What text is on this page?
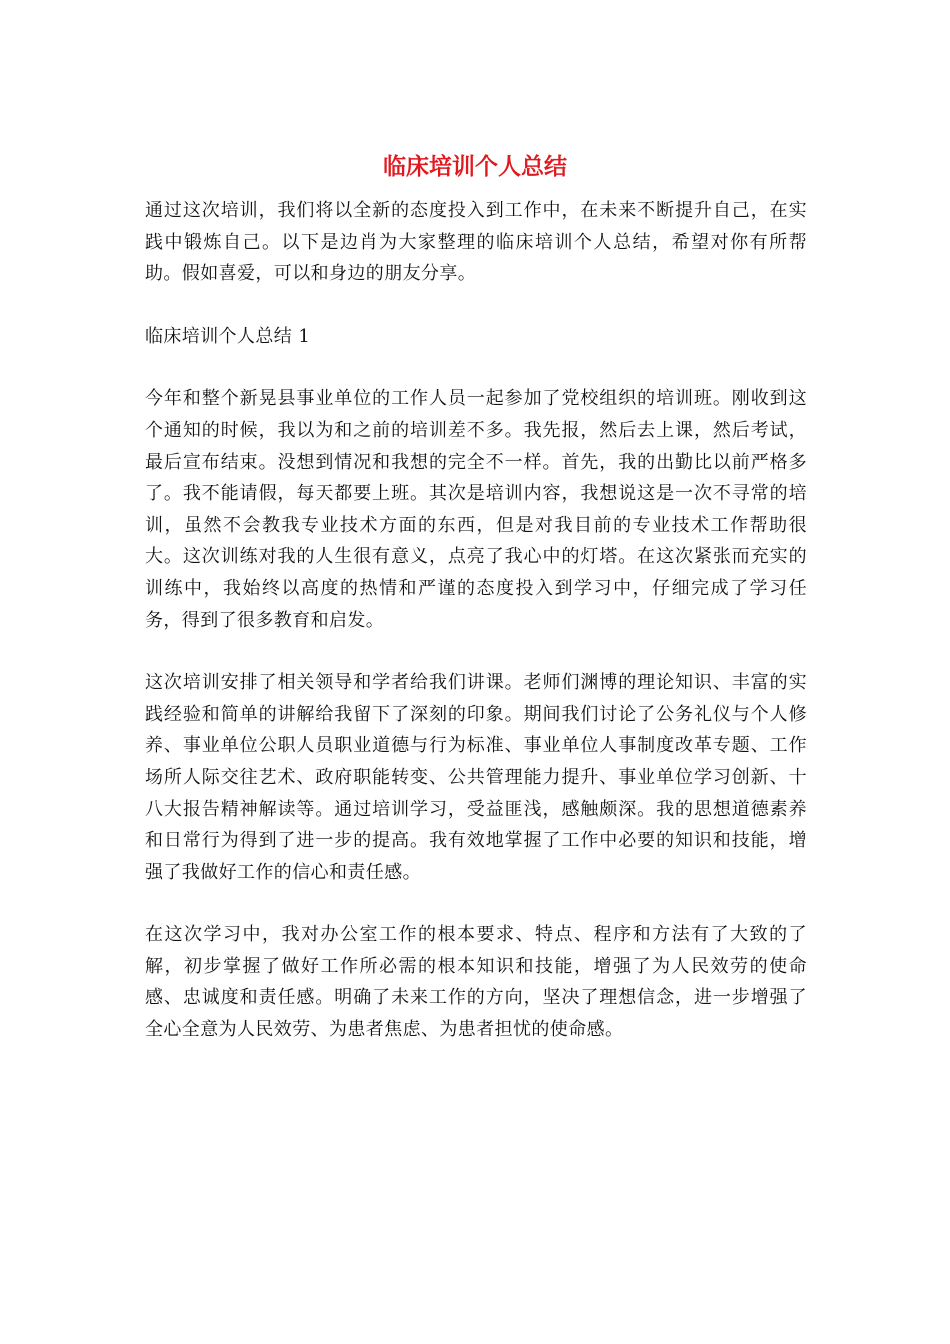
临床培训个人总结

通过这次培训，我们将以全新的态度投入到工作中，在未来不断提升自己，在实践中锻炼自己。以下是边肖为大家整理的临床培训个人总结，希望对你有所帮助。假如喜爱，可以和身边的朋友分享。

临床培训个人总结 1

今年和整个新晃县事业单位的工作人员一起参加了党校组织的培训班。刚收到这个通知的时候，我以为和之前的培训差不多。我先报，然后去上课，然后考试，最后宣布结束。没想到情况和我想的完全不一样。首先，我的出勤比以前严格多了。我不能请假，每天都要上班。其次是培训内容，我想说这是一次不寻常的培训，虽然不会教我专业技术方面的东西，但是对我目前的专业技术工作帮助很大。这次训练对我的人生很有意义，点亮了我心中的灯塔。在这次紧张而充实的训练中，我始终以高度的热情和严谨的态度投入到学习中，仔细完成了学习任务，得到了很多教育和启发。

这次培训安排了相关领导和学者给我们讲课。老师们渊博的理论知识、丰富的实践经验和简单的讲解给我留下了深刻的印象。期间我们讨论了公务礼仪与个人修养、事业单位公职人员职业道德与行为标准、事业单位人事制度改革专题、工作场所人际交往艺术、政府职能转变、公共管理能力提升、事业单位学习创新、十八大报告精神解读等。通过培训学习，受益匪浅，感触颇深。我的思想道德素养和日常行为得到了进一步的提高。我有效地掌握了工作中必要的知识和技能，增强了我做好工作的信心和责任感。

在这次学习中，我对办公室工作的根本要求、特点、程序和方法有了大致的了解，初步掌握了做好工作所必需的根本知识和技能，增强了为人民效劳的使命感、忠诚度和责任感。明确了未来工作的方向，坚决了理想信念，进一步增强了全心全意为人民效劳、为患者焦虑、为患者担忧的使命感。
